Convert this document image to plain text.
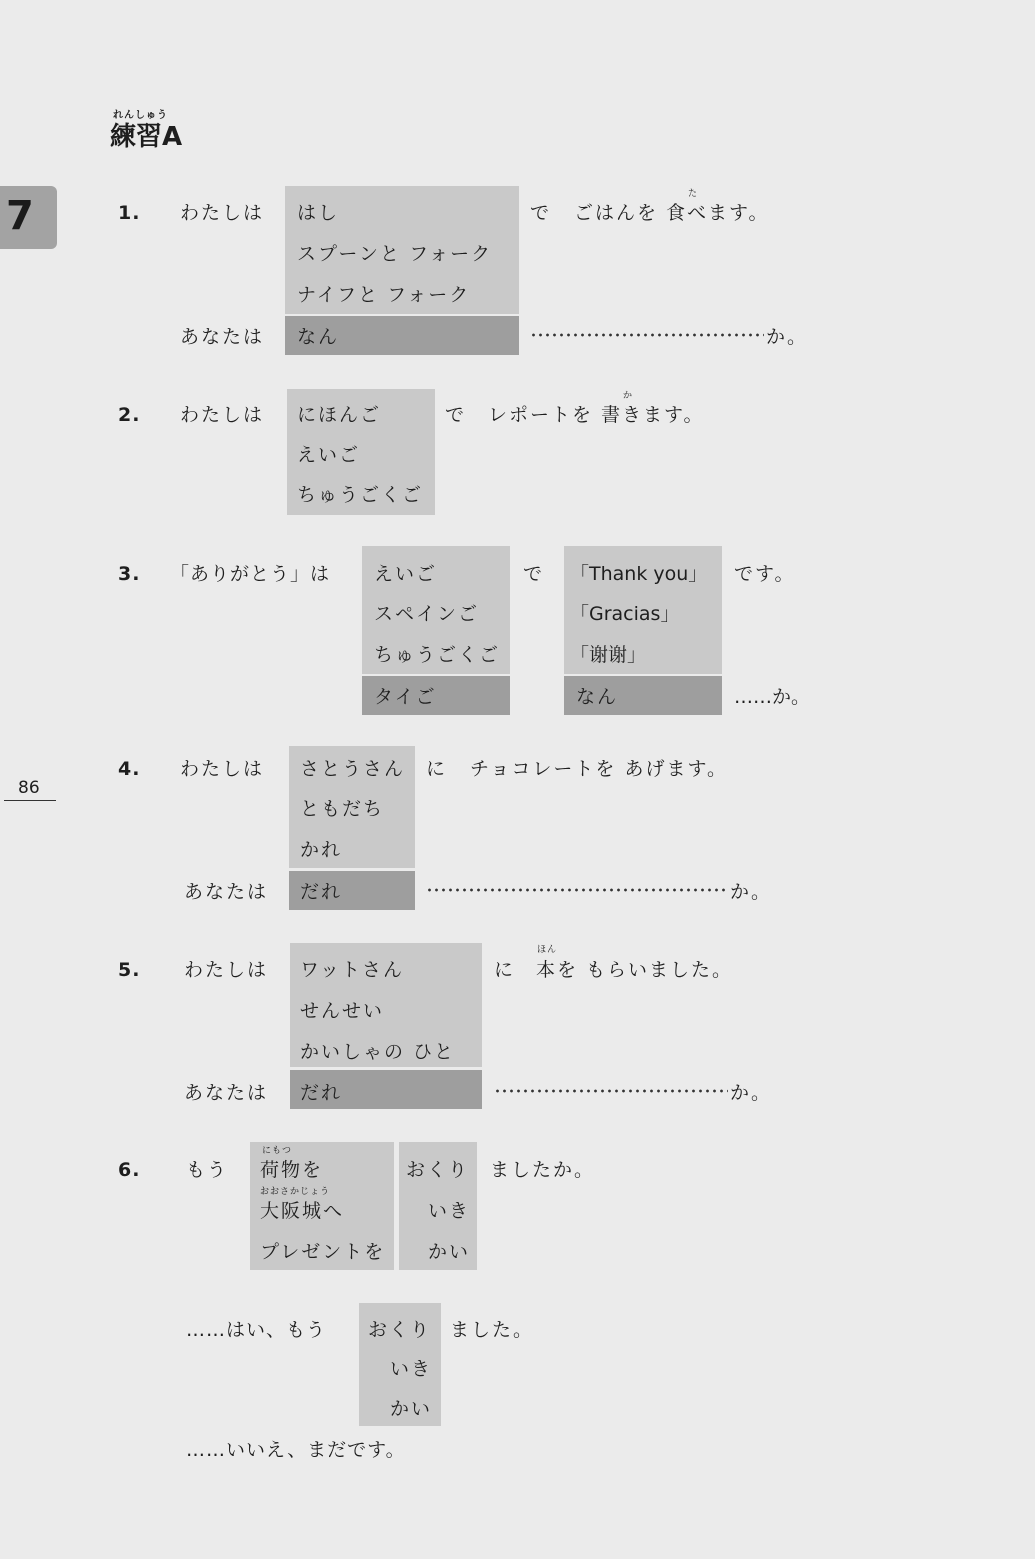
れんしゅう
練習A
7
86
1. わたしは はし
スプーンと フォーク
ナイフと フォーク
あなたは なん
で
た
ごはんを 食べます。
か。
2. わたしは にほんご
えいご
ちゅうごくご
で
か
レポートを 書きます。
3. 「ありがとう」は えいご
スペインご
ちゅうごくご
タイご
で 「Thank you」
「Gracias」
「谢谢」
なん
です。
……か。
4. わたしは さとうさん
ともだち
かれ
あなたは だれ
に チョコレートを あげます。
か。
5. わたしは ワットさん
せんせい
かいしゃの ひと
あなたは だれ
に
ほん
本を もらいました。
か。
6. もう
にもつ
荷物を
おおさかじょう
大阪城へ
プレゼントを
おくり
いき
かい
ましたか。
……はい、もう おくり
いき
かい
ました。
……いいえ、まだです。
